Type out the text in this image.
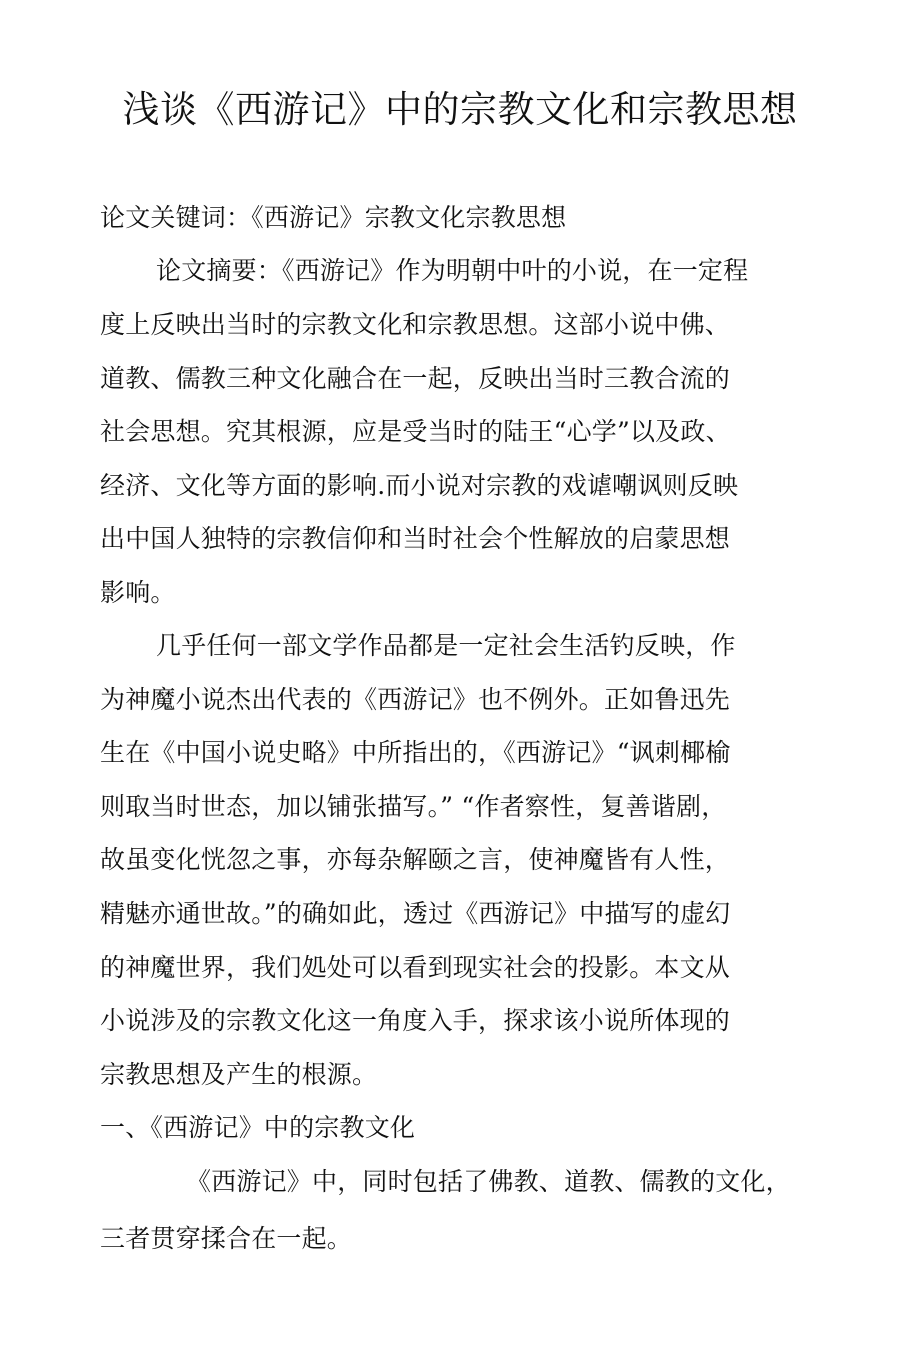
浅谈《西游记》中的宗教文化和宗教思想
论文关键词：《西游记》宗教文化宗教思想
论文摘要：《西游记》作为明朝中叶的小说，在一定程
度上反映出当时的宗教文化和宗教思想。这部小说中佛、
道教、儒教三种文化融合在一起，反映出当时三教合流的
社会思想。究其根源，应是受当时的陆王“心学”以及政、
经济、文化等方面的影响.而小说对宗教的戏谑嘲讽则反映
出中国人独特的宗教信仰和当时社会个性解放的启蒙思想
影响。
几乎任何一部文学作品都是一定社会生活钓反映，作
为神魔小说杰出代表的《西游记》也不例外。正如鲁迅先
生在《中国小说史略》中所指出的，《西游记》“讽刺椰榆
则取当时世态，加以铺张描写。” “作者察性，复善谐剧，
故虽变化恍忽之事，亦每杂解颐之言，使神魔皆有人性，
精魅亦通世故。”的确如此，透过《西游记》中描写的虚幻
的神魔世界，我们処处可以看到现实社会的投影。本文从
小说涉及的宗教文化这一角度入手，探求该小说所体现的
宗教思想及产生的根源。
一、《西游记》中的宗教文化
《西游记》中，同时包括了佛教、道教、儒教的文化，
三者贯穿揉合在一起。
